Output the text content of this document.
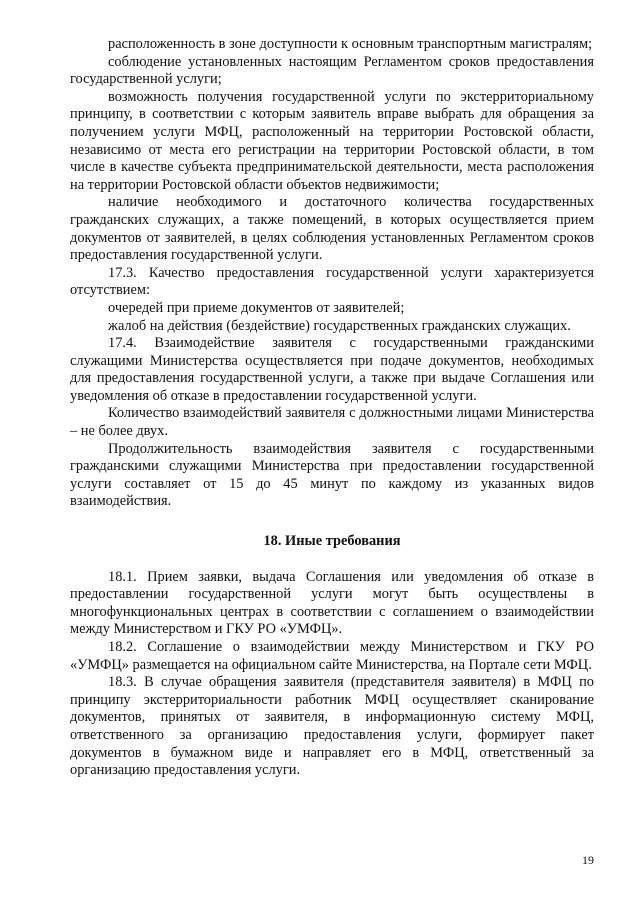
расположенность в зоне доступности к основным транспортным магистралям;

соблюдение установленных настоящим Регламентом сроков предоставления государственной услуги;

возможность получения государственной услуги по экстерриториальному принципу, в соответствии с которым заявитель вправе выбрать для обращения за получением услуги МФЦ, расположенный на территории Ростовской области, независимо от места его регистрации на территории Ростовской области, в том числе в качестве субъекта предпринимательской деятельности, места расположения на территории Ростовской области объектов недвижимости;

наличие необходимого и достаточного количества государственных гражданских служащих, а также помещений, в которых осуществляется прием документов от заявителей, в целях соблюдения установленных Регламентом сроков предоставления государственной услуги.

17.3. Качество предоставления государственной услуги характеризуется отсутствием:

очередей при приеме документов от заявителей;

жалоб на действия (бездействие) государственных гражданских служащих.

17.4. Взаимодействие заявителя с государственными гражданскими служащими Министерства осуществляется при подаче документов, необходимых для предоставления государственной услуги, а также при выдаче Соглашения или уведомления об отказе в предоставлении государственной услуги.

Количество взаимодействий заявителя с должностными лицами Министерства – не более двух.

Продолжительность взаимодействия заявителя с государственными гражданскими служащими Министерства при предоставлении государственной услуги составляет от 15 до 45 минут по каждому из указанных видов взаимодействия.

18. Иные требования

18.1. Прием заявки, выдача Соглашения или уведомления об отказе в предоставлении государственной услуги могут быть осуществлены в многофункциональных центрах в соответствии с соглашением о взаимодействии между Министерством и ГКУ РО «УМФЦ».

18.2. Соглашение о взаимодействии между Министерством и ГКУ РО «УМФЦ» размещается на официальном сайте Министерства, на Портале сети МФЦ.

18.3. В случае обращения заявителя (представителя заявителя) в МФЦ по принципу экстерриториальности работник МФЦ осуществляет сканирование документов, принятых от заявителя, в информационную систему МФЦ, ответственного за организацию предоставления услуги, формирует пакет документов в бумажном виде и направляет его в МФЦ, ответственный за организацию предоставления услуги.

19
